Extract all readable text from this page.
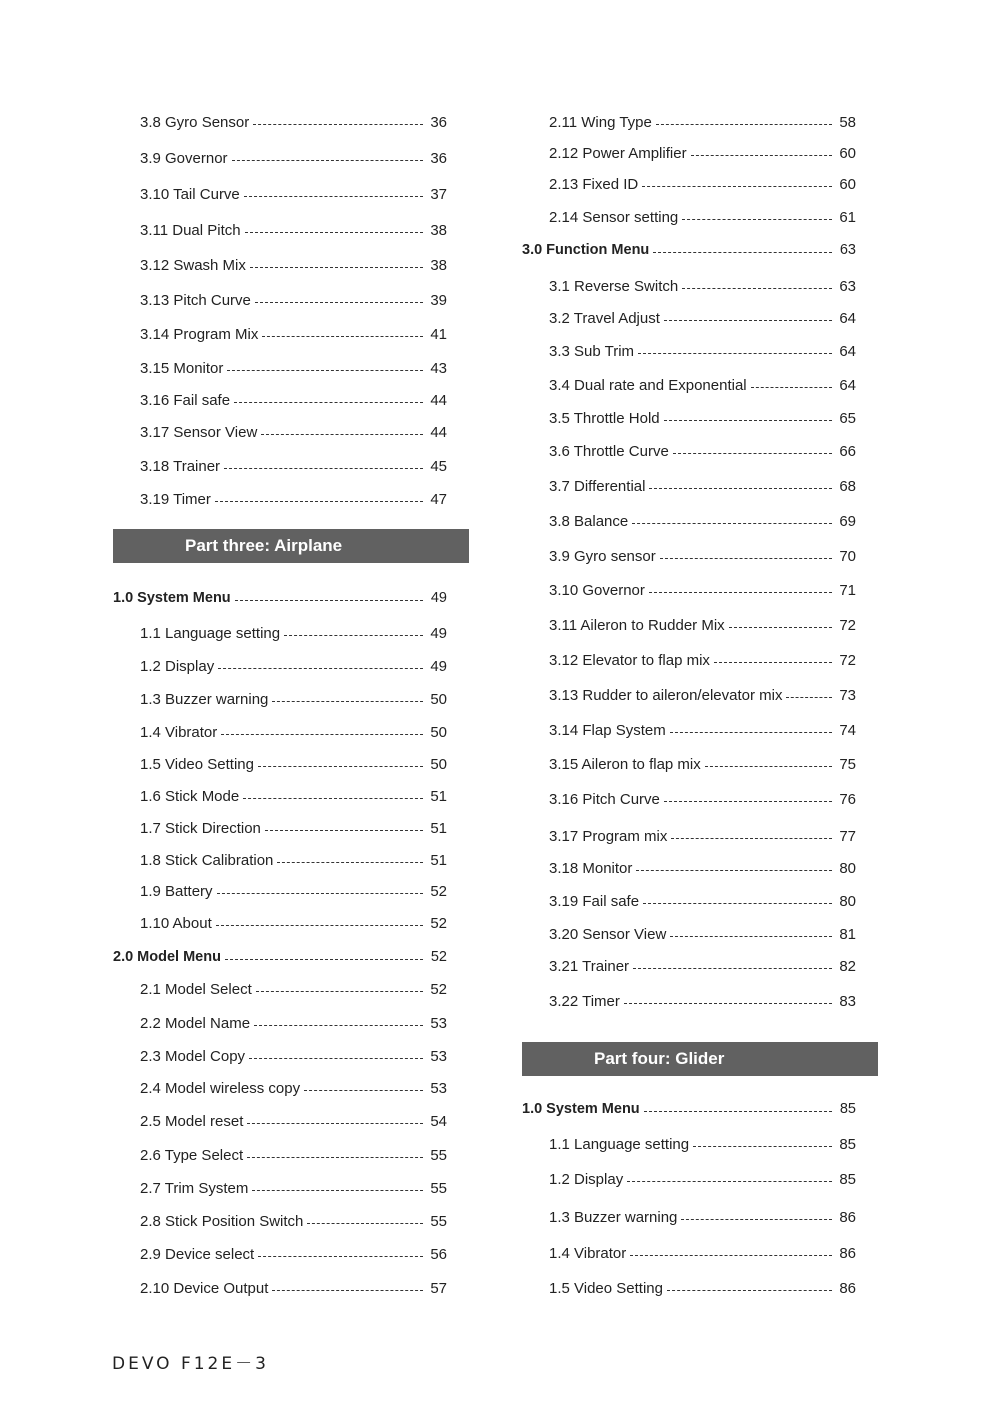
3.8 Gyro Sensor	36
3.9 Governor	36
3.10 Tail Curve	37
3.11 Dual Pitch	38
3.12 Swash Mix	38
3.13 Pitch Curve	39
3.14 Program Mix	41
3.15 Monitor	43
3.16 Fail safe	44
3.17 Sensor View	44
3.18 Trainer	45
3.19 Timer	47
Part three: Airplane
1.0 System Menu	49
1.1 Language setting	49
1.2 Display	49
1.3 Buzzer warning	50
1.4 Vibrator	50
1.5 Video Setting	50
1.6 Stick Mode	51
1.7 Stick Direction	51
1.8 Stick Calibration	51
1.9 Battery	52
1.10 About	52
2.0 Model Menu	52
2.1 Model Select	52
2.2 Model Name	53
2.3 Model Copy	53
2.4 Model wireless copy	53
2.5 Model reset	54
2.6 Type Select	55
2.7 Trim System	55
2.8 Stick Position Switch	55
2.9 Device select	56
2.10 Device Output	57
2.11 Wing Type	58
2.12 Power Amplifier	60
2.13 Fixed ID	60
2.14 Sensor setting	61
3.0 Function Menu	63
3.1 Reverse Switch	63
3.2 Travel Adjust	64
3.3 Sub Trim	64
3.4 Dual rate and Exponential	64
3.5 Throttle Hold	65
3.6 Throttle Curve	66
3.7 Differential	68
3.8 Balance	69
3.9 Gyro sensor	70
3.10 Governor	71
3.11 Aileron to Rudder Mix	72
3.12 Elevator to flap mix	72
3.13 Rudder to aileron/elevator mix	73
3.14 Flap System	74
3.15 Aileron to flap mix	75
3.16 Pitch Curve	76
3.17 Program mix	77
3.18 Monitor	80
3.19 Fail safe	80
3.20 Sensor View	81
3.21 Trainer	82
3.22 Timer	83
Part four: Glider
1.0 System Menu	85
1.1 Language setting	85
1.2 Display	85
1.3 Buzzer warning	86
1.4 Vibrator	86
1.5 Video Setting	86
DEVO F12E－3
